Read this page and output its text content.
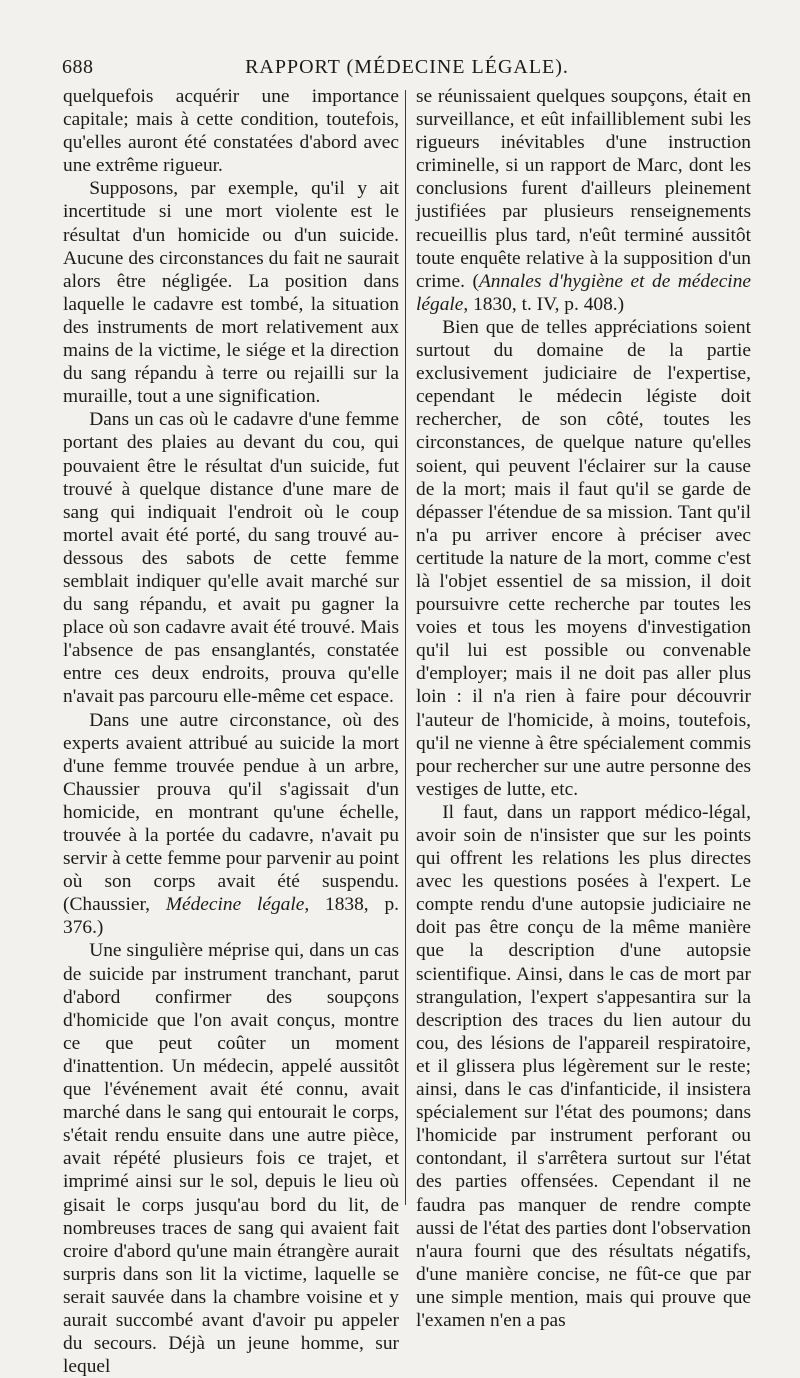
688	RAPPORT (MÉDECINE LÉGALE).

quelquefois acquérir une importance capitale; mais à cette condition, toutefois, qu'elles auront été constatées d'abord avec une extrême rigueur.

Supposons, par exemple, qu'il y ait incertitude si une mort violente est le résultat d'un homicide ou d'un suicide. Aucune des circonstances du fait ne saurait alors être négligée. La position dans laquelle le cadavre est tombé, la situation des instruments de mort relativement aux mains de la victime, le siége et la direction du sang répandu à terre ou rejailli sur la muraille, tout a une signification.

Dans un cas où le cadavre d'une femme portant des plaies au devant du cou, qui pouvaient être le résultat d'un suicide, fut trouvé à quelque distance d'une mare de sang qui indiquait l'endroit où le coup mortel avait été porté, du sang trouvé au-dessous des sabots de cette femme semblait indiquer qu'elle avait marché sur du sang répandu, et avait pu gagner la place où son cadavre avait été trouvé. Mais l'absence de pas ensanglantés, constatée entre ces deux endroits, prouva qu'elle n'avait pas parcouru elle-même cet espace.

Dans une autre circonstance, où des experts avaient attribué au suicide la mort d'une femme trouvée pendue à un arbre, Chaussier prouva qu'il s'agissait d'un homicide, en montrant qu'une échelle, trouvée à la portée du cadavre, n'avait pu servir à cette femme pour parvenir au point où son corps avait été suspendu. (Chaussier, Médecine légale, 1838, p. 376.)

Une singulière méprise qui, dans un cas de suicide par instrument tranchant, parut d'abord confirmer des soupçons d'homicide que l'on avait conçus, montre ce que peut coûter un moment d'inattention. Un médecin, appelé aussitôt que l'événement avait été connu, avait marché dans le sang qui entourait le corps, s'était rendu ensuite dans une autre pièce, avait répété plusieurs fois ce trajet, et imprimé ainsi sur le sol, depuis le lieu où gisait le corps jusqu'au bord du lit, de nombreuses traces de sang qui avaient fait croire d'abord qu'une main étrangère aurait surpris dans son lit la victime, laquelle se serait sauvée dans la chambre voisine et y aurait succombé avant d'avoir pu appeler du secours. Déjà un jeune homme, sur lequel

se réunissaient quelques soupçons, était en surveillance, et eût infailliblement subi les rigueurs inévitables d'une instruction criminelle, si un rapport de Marc, dont les conclusions furent d'ailleurs pleinement justifiées par plusieurs renseignements recueillis plus tard, n'eût terminé aussitôt toute enquête relative à la supposition d'un crime. (Annales d'hygiène et de médecine légale, 1830, t. IV, p. 408.)

Bien que de telles appréciations soient surtout du domaine de la partie exclusivement judiciaire de l'expertise, cependant le médecin légiste doit rechercher, de son côté, toutes les circonstances, de quelque nature qu'elles soient, qui peuvent l'éclairer sur la cause de la mort; mais il faut qu'il se garde de dépasser l'étendue de sa mission. Tant qu'il n'a pu arriver encore à préciser avec certitude la nature de la mort, comme c'est là l'objet essentiel de sa mission, il doit poursuivre cette recherche par toutes les voies et tous les moyens d'investigation qu'il lui est possible ou convenable d'employer; mais il ne doit pas aller plus loin : il n'a rien à faire pour découvrir l'auteur de l'homicide, à moins, toutefois, qu'il ne vienne à être spécialement commis pour rechercher sur une autre personne des vestiges de lutte, etc.

Il faut, dans un rapport médico-légal, avoir soin de n'insister que sur les points qui offrent les relations les plus directes avec les questions posées à l'expert. Le compte rendu d'une autopsie judiciaire ne doit pas être conçu de la même manière que la description d'une autopsie scientifique. Ainsi, dans le cas de mort par strangulation, l'expert s'appesantira sur la description des traces du lien autour du cou, des lésions de l'appareil respiratoire, et il glissera plus légèrement sur le reste; ainsi, dans le cas d'infanticide, il insistera spécialement sur l'état des poumons; dans l'homicide par instrument perforant ou contondant, il s'arrêtera surtout sur l'état des parties offensées. Cependant il ne faudra pas manquer de rendre compte aussi de l'état des parties dont l'observation n'aura fourni que des résultats négatifs, d'une manière concise, ne fût-ce que par une simple mention, mais qui prouve que l'examen n'en a pas
